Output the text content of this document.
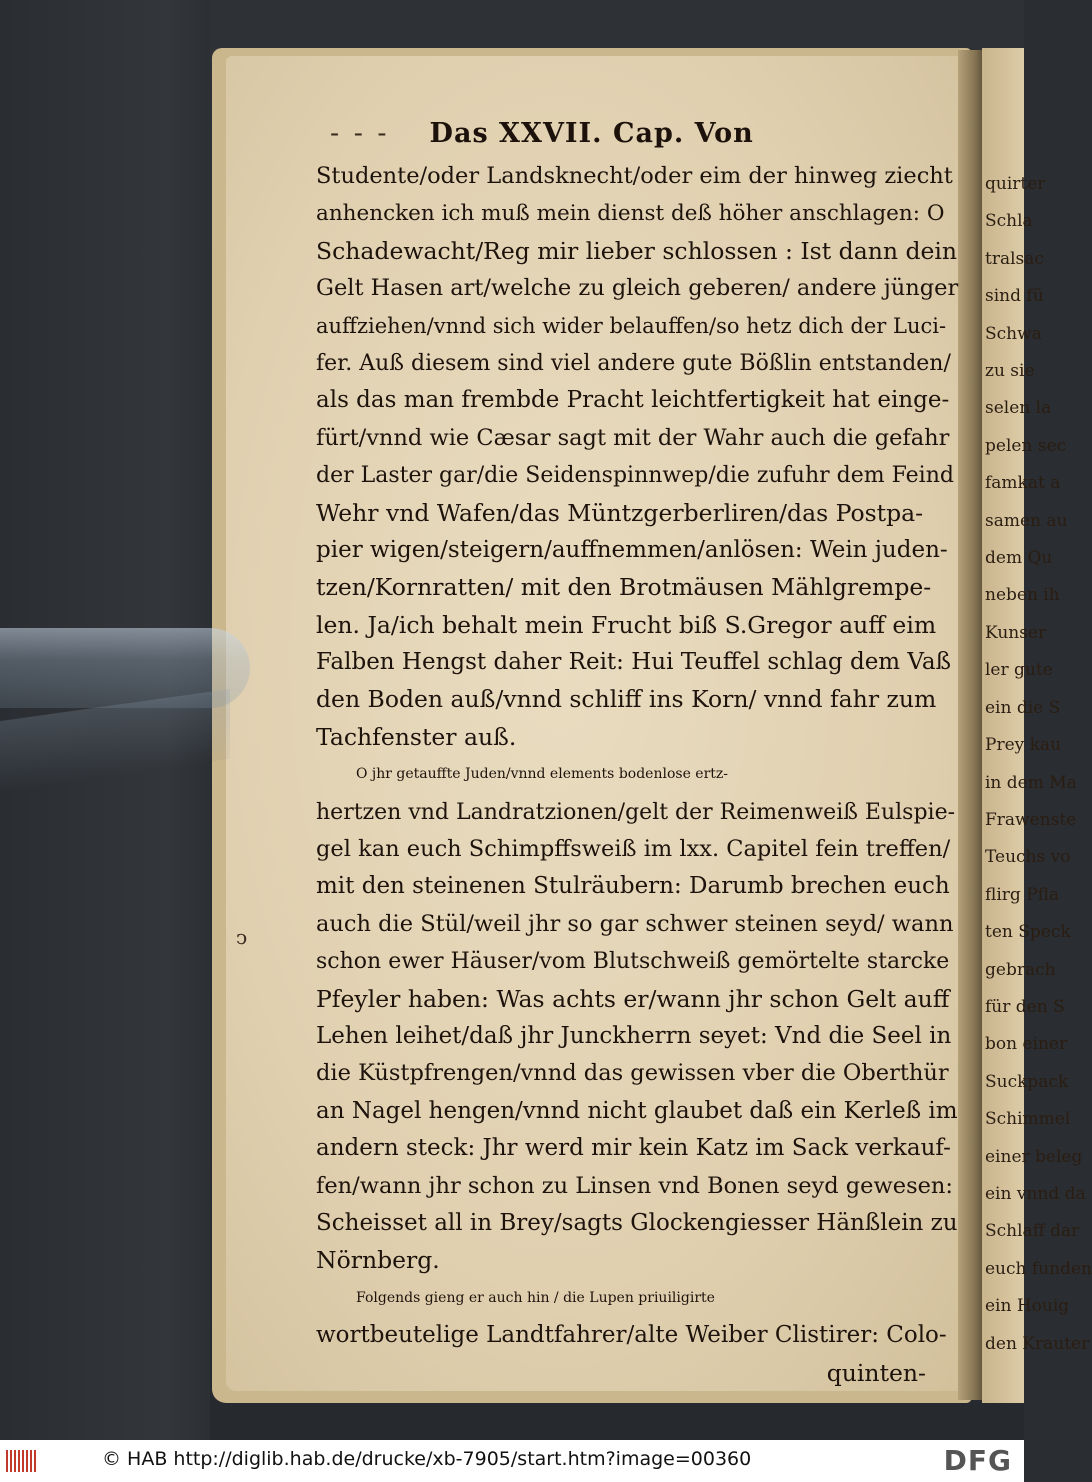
quirter
Schla
tralsac
sind fü
Schwa
zu sie
selen la
pelen sec
famkat a
samen au
dem Qu
neben ih
Kunser
ler gute
ein die S
Prey kau
in dem Ma
Frawenste
Teuchs vo
flirg Pfla
ten Speck
gebrach
für den S
bon einer
Suckpack
Schimmel
einer beleg
ein vnnd da
Schlaff dar
euch funden
ein Houig
den Krauter
- - - Das XXVII. Cap. Von
Studente/oder Landsknecht/oder eim der hinweg ziecht
anhencken ich muß mein dienst deß höher anschlagen: O
Schadewacht/Reg mir lieber schlossen : Ist dann dein
Gelt Hasen art/welche zu gleich geberen/ andere jünger
auffziehen/vnnd sich wider belauffen/so hetz dich der Luci-
fer. Auß diesem sind viel andere gute Bößlin entstanden/
als das man frembde Pracht leichtfertigkeit hat einge-
fürt/vnnd wie Cæsar sagt mit der Wahr auch die gefahr
der Laster gar/die Seidenspinnwep/die zufuhr dem Feind
Wehr vnd Wafen/das Müntzgerberliren/das Postpa-
pier wigen/steigern/auffnemmen/anlösen: Wein juden-
tzen/Kornratten/ mit den Brotmäusen Mählgrempe-
len. Ja/ich behalt mein Frucht biß S.Gregor auff eim
Falben Hengst daher Reit: Hui Teuffel schlag dem Vaß
den Boden auß/vnnd schliff ins Korn/ vnnd fahr zum
Tachfenster auß.
O jhr getauffte Juden/vnnd elements bodenlose ertz-
hertzen vnd Landratzionen/gelt der Reimenweiß Eulspie-
gel kan euch Schimpffsweiß im lxx. Capitel fein treffen/
mit den steinenen Stulräubern: Darumb brechen euch
auch die Stül/weil jhr so gar schwer steinen seyd/ wann
schon ewer Häuser/vom Blutschweiß gemörtelte starcke
Pfeyler haben: Was achts er/wann jhr schon Gelt auff
Lehen leihet/daß jhr Junckherrn seyet: Vnd die Seel in
die Küstpfrengen/vnnd das gewissen vber die Oberthür
an Nagel hengen/vnnd nicht glaubet daß ein Kerleß im
andern steck: Jhr werd mir kein Katz im Sack verkauf-
fen/wann jhr schon zu Linsen vnd Bonen seyd gewesen:
Scheisset all in Brey/sagts Glockengiesser Hänßlein zu
Nörnberg.
Folgends gieng er auch hin / die Lupen priuiligirte
wortbeutelige Landtfahrer/alte Weiber Clistirer: Colo-
quinten-
ↄ
© HAB http://diglib.hab.de/drucke/xb-7905/start.htm?image=00360	DFG
